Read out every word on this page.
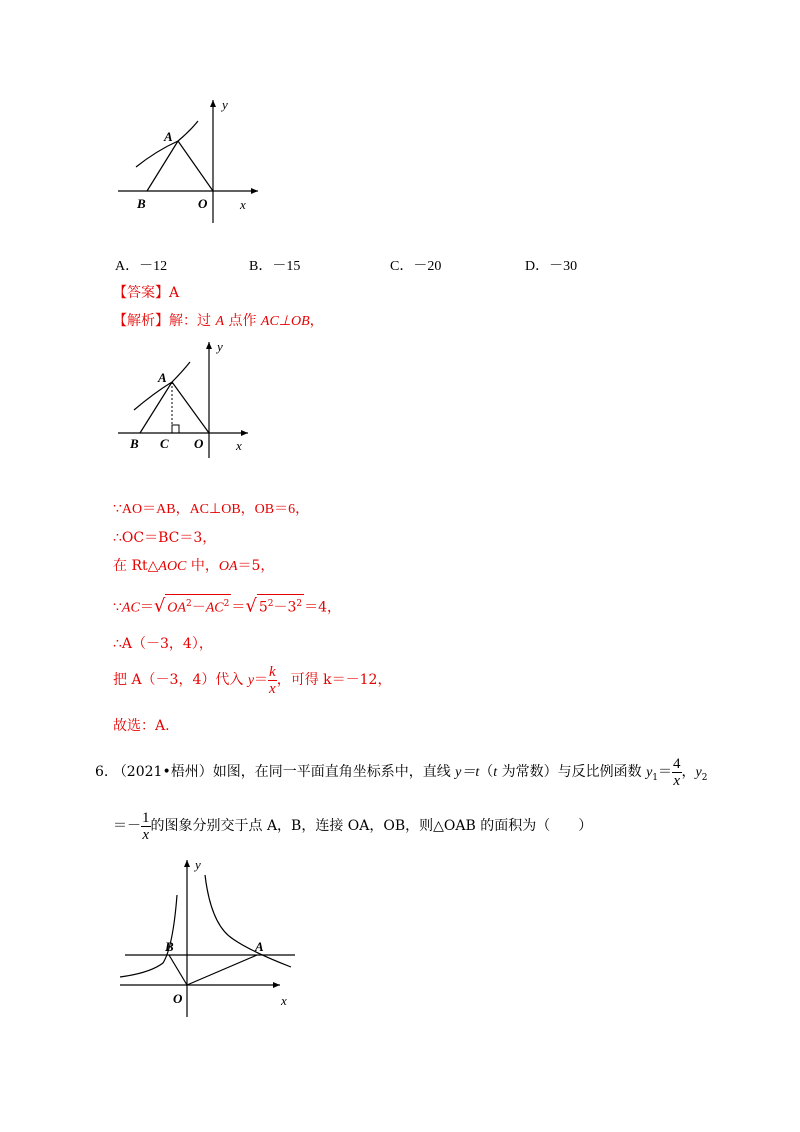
y
x
A
B	O
A．－12	B．－15	C．－20	D．－30
【答案】A
【解析】解：过 A 点作 AC⊥OB，
y
x
A
B C O
∵AO＝AB，AC⊥OB，OB＝6，
∴OC＝BC＝3，
在 Rt△AOC 中，OA＝5，
∵AC＝√ $OA^2-AC^2$ ＝√ $5^2-3^2 =4$，
∴A（－3，4），
把 A（－3，4）代入 $y= \frac{k}{x}$ ，可得 k＝－12，
故选：A.
6. （2021•梧州）如图，在同一平面直角坐标系中，直线 y＝t（t 为常数）与反比例函数 $y_1= \frac{4}{x}$ ，$y_2$
＝－ $\frac{1}{x}$ 的图象分别交于点 A，B，连接 OA，OB，则△OAB 的面积为（　　）
y
x
A
B
O
